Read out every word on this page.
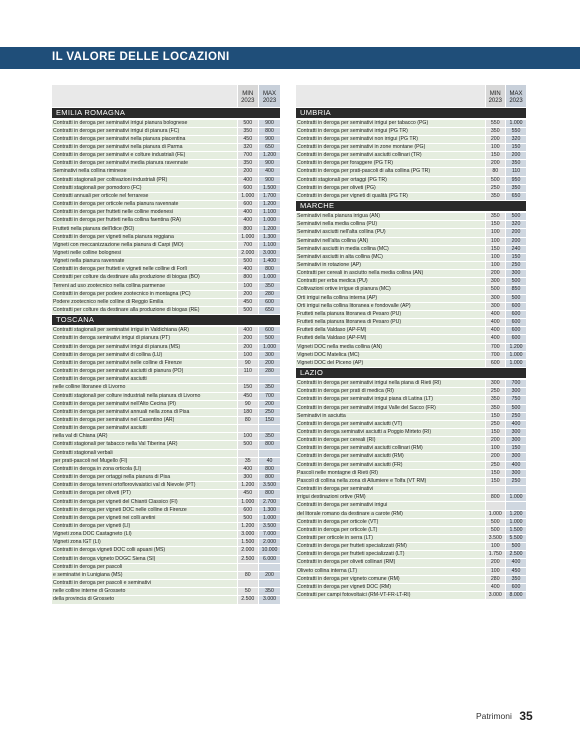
IL VALORE DELLE LOCAZIONI
	MIN
2023	MAX
2023
EMILIA ROMAGNA		
Contratti in deroga per seminativi irrigui pianura bolognese	500	900
Contratti in deroga per seminativi irrigui di pianura (FC)	350	800
Contratti in deroga per seminativi nella pianura piacentina	450	900
Contratti in deroga per seminativi nella pianura di Parma	320	650
Contratti in deroga per seminativi e colture industriali (FE)	700	1.200
Contratti in deroga per seminativi media pianura ravennate	350	900
Seminativi nella collina riminese	200	400
Contratti stagionali per coltivazioni industriali (PR)	400	900
Contratti stagionali per pomodoro (FC)	600	1.500
Contratti annuali per orticole nel ferrarese	1.000	1.700
Contratti in deroga per orticole nella pianura ravennate	600	1.200
Contratti in deroga per frutteti nelle colline modenesi	400	1.100
Contratti in deroga per frutteti nella collina faentina (RA)	400	1.000
Frutteti nella pianura dell'Idice (BO)	800	1.200
Contratti in deroga per vigneti nella pianura reggiana	1.000	1.300
Vigneti con meccanizzazione nella pianura di Carpi (MO)	700	1.100
Vigneti nelle colline bolognesi	2.000	3.000
Vigneti nella pianura ravennate	500	1.400
Contratti in deroga per frutteti e vigneti nelle colline di Forlì	400	800
Contratti per colture da destinare alla produzione di biogas (BO)	800	1.000
Terreni ad uso zootecnico nella collina parmense	100	350
Contratti in deroga per podere zootecnico in montagna (PC)	200	280
Podere zootecnico nelle colline di Reggio Emilia	450	600
Contratti per colture da destinare alla produzione di biogas (RE)	500	650
TOSCANA		
Contratti stagionali per seminativi irrigui in Valdichiana (AR)	400	600
Contratti in deroga seminativi irrigui di pianura (PT)	200	500
Contratti in deroga per seminativi irrigui di pianura (MS)	200	1.000
Contratti in deroga per seminativi di collina (LU)	100	300
Contratti in deroga per seminativi nelle colline di Firenze	90	200
Contratti in deroga per seminativi asciutti di pianura (PO)	110	280
Contratti in deroga per seminativi asciutti		
nelle colline litoranee di Livorno	150	350
Contratti stagionali per colture industriali nella pianura di Livorno	450	700
Contratti in deroga per seminativi nell'Alto Cecina (PI)	90	200
Contratti in deroga per seminativi annuali nella zona di Pisa	180	250
Contratti in deroga per seminativi nel Casentino (AR)	80	150
Contratti in deroga per seminativi asciutti		
nella val di Chiana (AR)	100	350
Contratti stagionali per tabacco nella Val Tiberina (AR)	500	800
Contratti stagionali verbali		
per prati-pascoli nel Mugello (FI)	35	40
Contratti in deroga in zona orticola (LI)	400	800
Contratti in deroga per ortaggi nella pianura di Pisa	300	800
Contratti in deroga terreni ortoflorovivaistici val di Nievole (PT)	1.200	3.500
Contratti in deroga per oliveti (PT)	450	800
Contratti in deroga per vigneti del Chianti Classico (FI)	1.000	2.700
Contratti in deroga per vigneti DOC nelle colline di Firenze	600	1.300
Contratti in deroga per vigneti nei colli aretini	500	1.000
Contratti in deroga per vigneti (LI)	1.200	3.500
Vigneti zona DOC Castagneto (LI)	3.000	7.000
Vigneti zona IGT (LI)	1.500	2.000
Contratti in deroga vigneti DOC colli apuani (MS)	2.000	10.000
Contratti in deroga vigneto DOGC Siena (SI)	2.500	6.000
Contratti in deroga per pascoli		
e seminativi in Lunigiana (MS)	80	200
Contratti in deroga per pascoli e seminativi		
nelle colline interne di Grosseto	50	350
della provincia di Grosseto	2.500	3.000
	MIN
2023	MAX
2023
UMBRIA		
Contratti in deroga per seminativi irrigui per tabacco (PG)	550	1.000
Contratti in deroga per seminativi irrigui (PG TR)	350	550
Contratti in deroga per seminativi non irrigui (PG TR)	200	320
Contratti in deroga per seminativi in zone montane (PG)	100	150
Contratti in deroga per seminativi asciutti collinari (TR)	150	200
Contratti in deroga per foraggere (PG TR)	200	350
Contratti in deroga per prati-pascoli di alta collina (PG TR)	80	110
Contratti stagionali per ortaggi (PG TR)	500	950
Contratti in deroga per oliveti (PG)	250	350
Contratti in deroga per vigneti di qualità (PG TR)	350	650
MARCHE		
Seminativi nella pianura irrigua (AN)	350	500
Seminativi nella media collina (PU)	150	320
Seminativi asciutti nell'alta collina (PU)	100	200
Seminativi nell'alta collina (AN)	100	200
Seminativi asciutti in media collina (MC)	150	240
Seminativi asciutti in alta collina (MC)	100	150
Seminativi in rotazione (AP)	100	250
Contratti per cereali in asciutto nella media collina (AN)	200	300
Contratti per erba medica (PU)	300	500
Coltivazioni ortive irrigue di pianura (MC)	500	850
Orti irrigui nella collina interna (AP)	300	500
Orti irrigui nella collina litoranea e fondovalle (AP)	300	600
Frutteti nella pianura litoranea di Pesaro (PU)	400	600
Frutteti nella pianura litoranea di Pesaro (PU)	400	600
Frutteti della Valdaso (AP-FM)	400	600
Frutteti della Valdaso (AP-FM)	400	600
Vigneti DOC nella media collina (AN)	700	1.200
Vigneti DOC Matelica (MC)	700	1.000
Vigneti DOC del Piceno (AP)	600	1.000
LAZIO		
Contratti in deroga per seminativi irrigui nella piana di Rieti (RI)	300	700
Contratti in deroga per prati di medica (RI)	250	300
Contratti in deroga per seminativi irrigui piana di Latina (LT)	350	750
Contratti in deroga per seminativi irrigui Valle del Sacco (FR)	350	500
Seminativi in asciutta	150	250
Contratti in deroga per seminativi asciutti (VT)	250	400
Contratti in deroga seminativi asciutti a Poggio Mirteto (RI)	150	300
Contratti in deroga per cereali (RI)	200	300
Contratti in deroga per seminativi asciutti collinari (RM)	100	150
Contratti in deroga per seminativi asciutti (RM)	200	300
Contratti in deroga per seminativi asciutti (FR)	250	400
Pascoli nelle montagne di Rieti (RI)	150	300
Pascoli di collina nella zona di Allumiere e Tolfa (VT RM)	150	250
Contratti in deroga per seminativi		
irrigui destinazioni ortive (RM)	800	1.000
Contratti in deroga per seminativi irrigui		
del litorale romano da destinare a carote (RM)	1.000	1.200
Contratti in deroga per orticole (VT)	500	1.000
Contratti in deroga per orticole (LT)	500	1.500
Contratti per orticole in serra (LT)	3.500	5.500
Contratti in deroga per frutteti specializzati (RM)	100	500
Contratti in deroga per frutteti specializzati (LT)	1.750	2.500
Contratti in deroga per oliveti collinari (RM)	200	400
Oliveto collina interna (LT)	100	450
Contratti in deroga per vigneto comune (RM)	280	350
Contratti in deroga per vigneti DOC (RM)	400	600
Contratti per campi fotovoltaici (RM-VT-FR-LT-RI)	3.000	8.000
Patrimoni 35
